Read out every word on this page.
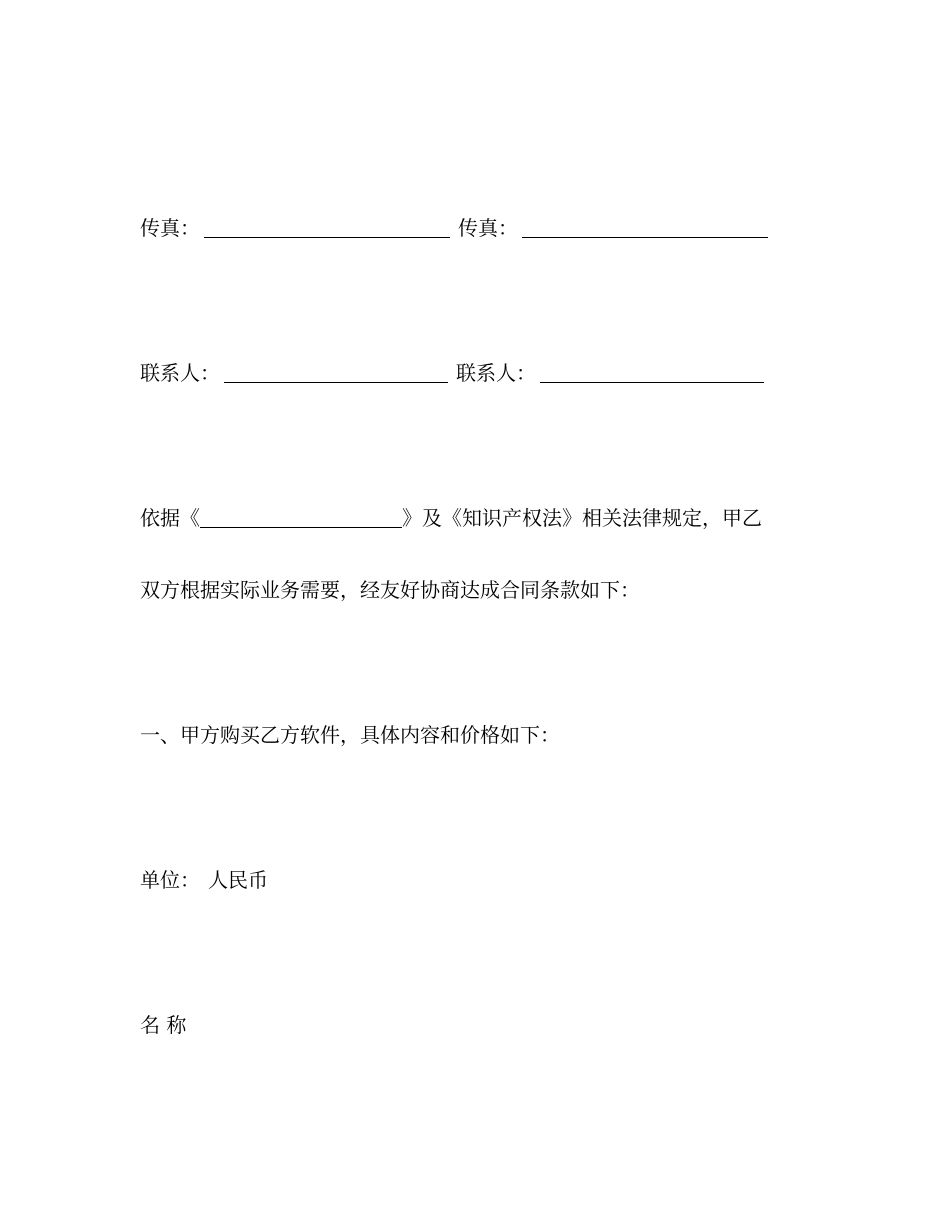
传真：	传真：
联系人：	联系人：
依据《	》及《知识产权法》相关法律规定，甲乙
双方根据实际业务需要，经友好协商达成合同条款如下：
一、甲方购买乙方软件，具体内容和价格如下：
单位： 人民币
名 称
